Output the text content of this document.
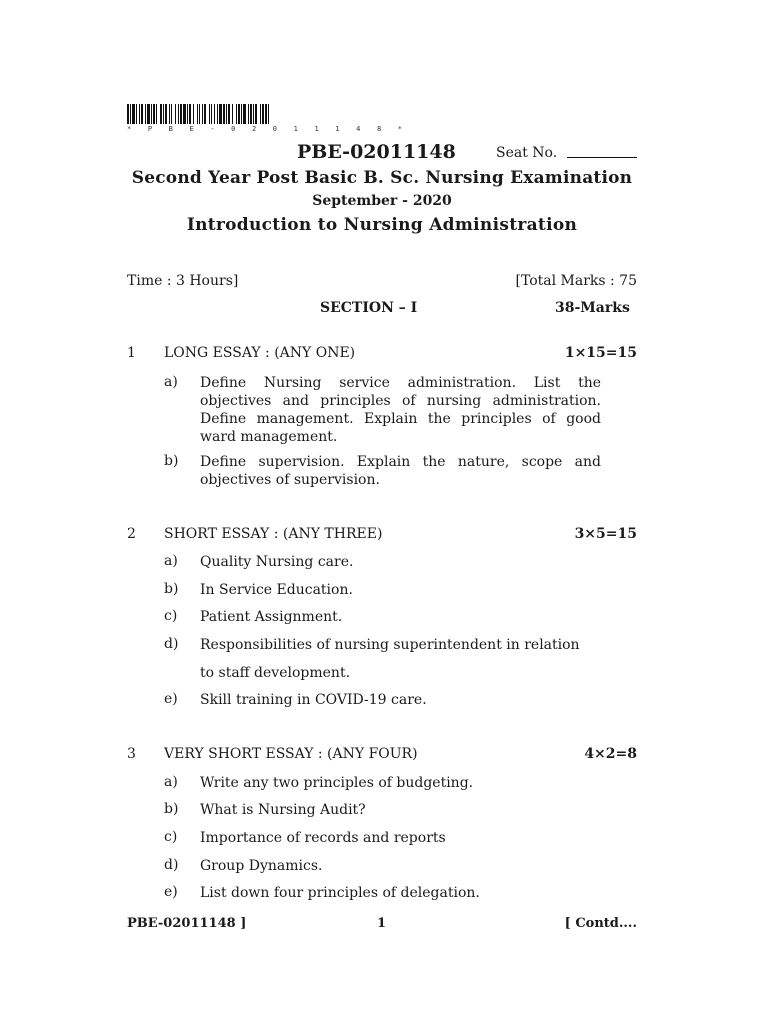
* P B E - 0 2 0 1 1 1 4 8 *
PBE-02011148	Seat No.
Second Year Post Basic B. Sc. Nursing Examination
September - 2020
Introduction to Nursing Administration
Time : 3 Hours]	[Total Marks : 75
SECTION – I	38-Marks
1 LONG ESSAY : (ANY ONE)	1×15=15
a) Define Nursing service administration. List the objectives and principles of nursing administration. Define management. Explain the principles of good ward management.
b) Define supervision. Explain the nature, scope and objectives of supervision.
2 SHORT ESSAY : (ANY THREE)	3×5=15
a) Quality Nursing care.
b) In Service Education.
c) Patient Assignment.
d) Responsibilities of nursing superintendent in relation
to staff development.
e) Skill training in COVID-19 care.
3 VERY SHORT ESSAY : (ANY FOUR)	4×2=8
a) Write any two principles of budgeting.
b) What is Nursing Audit?
c) Importance of records and reports
d) Group Dynamics.
e) List down four principles of delegation.
PBE-02011148 ]	1	[ Contd....
